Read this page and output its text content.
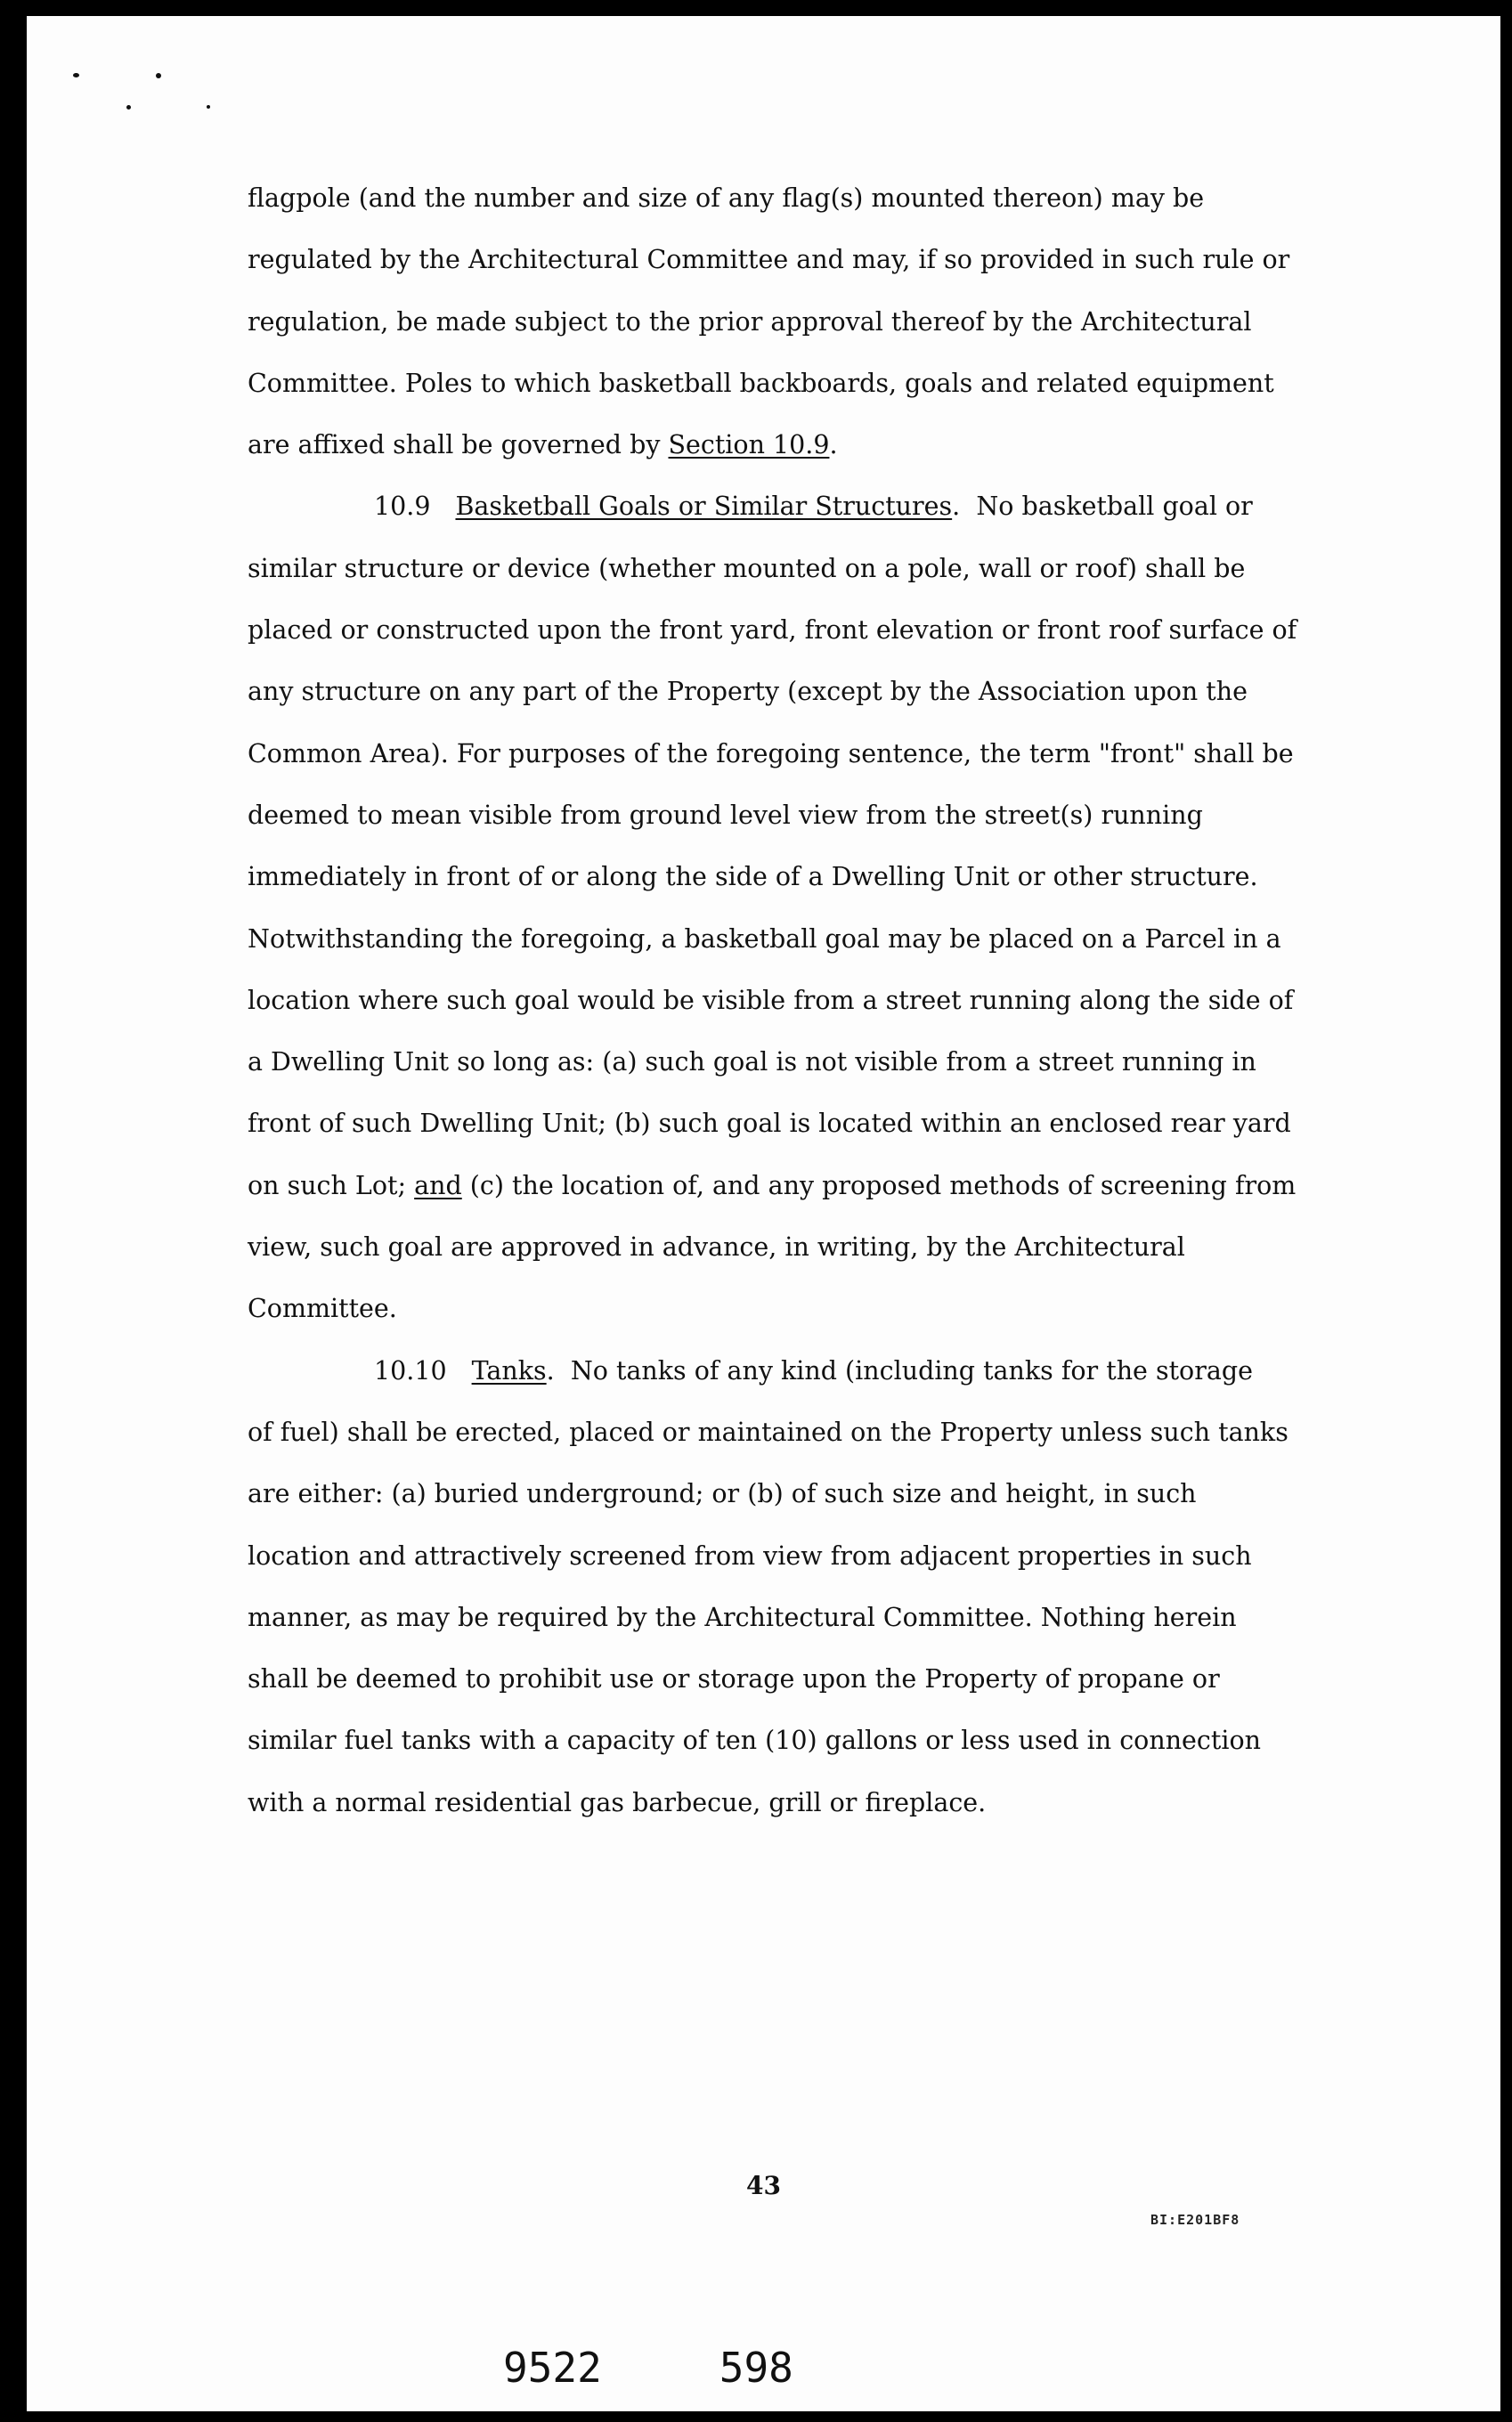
flagpole (and the number and size of any flag(s) mounted thereon) may be
regulated by the Architectural Committee and may, if so provided in such rule or
regulation, be made subject to the prior approval thereof by the Architectural
Committee. Poles to which basketball backboards, goals and related equipment
are affixed shall be governed by Section 10.9.
10.9 Basketball Goals or Similar Structures. No basketball goal or
similar structure or device (whether mounted on a pole, wall or roof) shall be
placed or constructed upon the front yard, front elevation or front roof surface of
any structure on any part of the Property (except by the Association upon the
Common Area). For purposes of the foregoing sentence, the term "front" shall be
deemed to mean visible from ground level view from the street(s) running
immediately in front of or along the side of a Dwelling Unit or other structure.
Notwithstanding the foregoing, a basketball goal may be placed on a Parcel in a
location where such goal would be visible from a street running along the side of
a Dwelling Unit so long as: (a) such goal is not visible from a street running in
front of such Dwelling Unit; (b) such goal is located within an enclosed rear yard
on such Lot; and (c) the location of, and any proposed methods of screening from
view, such goal are approved in advance, in writing, by the Architectural
Committee.
10.10 Tanks. No tanks of any kind (including tanks for the storage
of fuel) shall be erected, placed or maintained on the Property unless such tanks
are either: (a) buried underground; or (b) of such size and height, in such
location and attractively screened from view from adjacent properties in such
manner, as may be required by the Architectural Committee. Nothing herein
shall be deemed to prohibit use or storage upon the Property of propane or
similar fuel tanks with a capacity of ten (10) gallons or less used in connection
with a normal residential gas barbecue, grill or fireplace.
43
BI:E201BF8
9522	598
